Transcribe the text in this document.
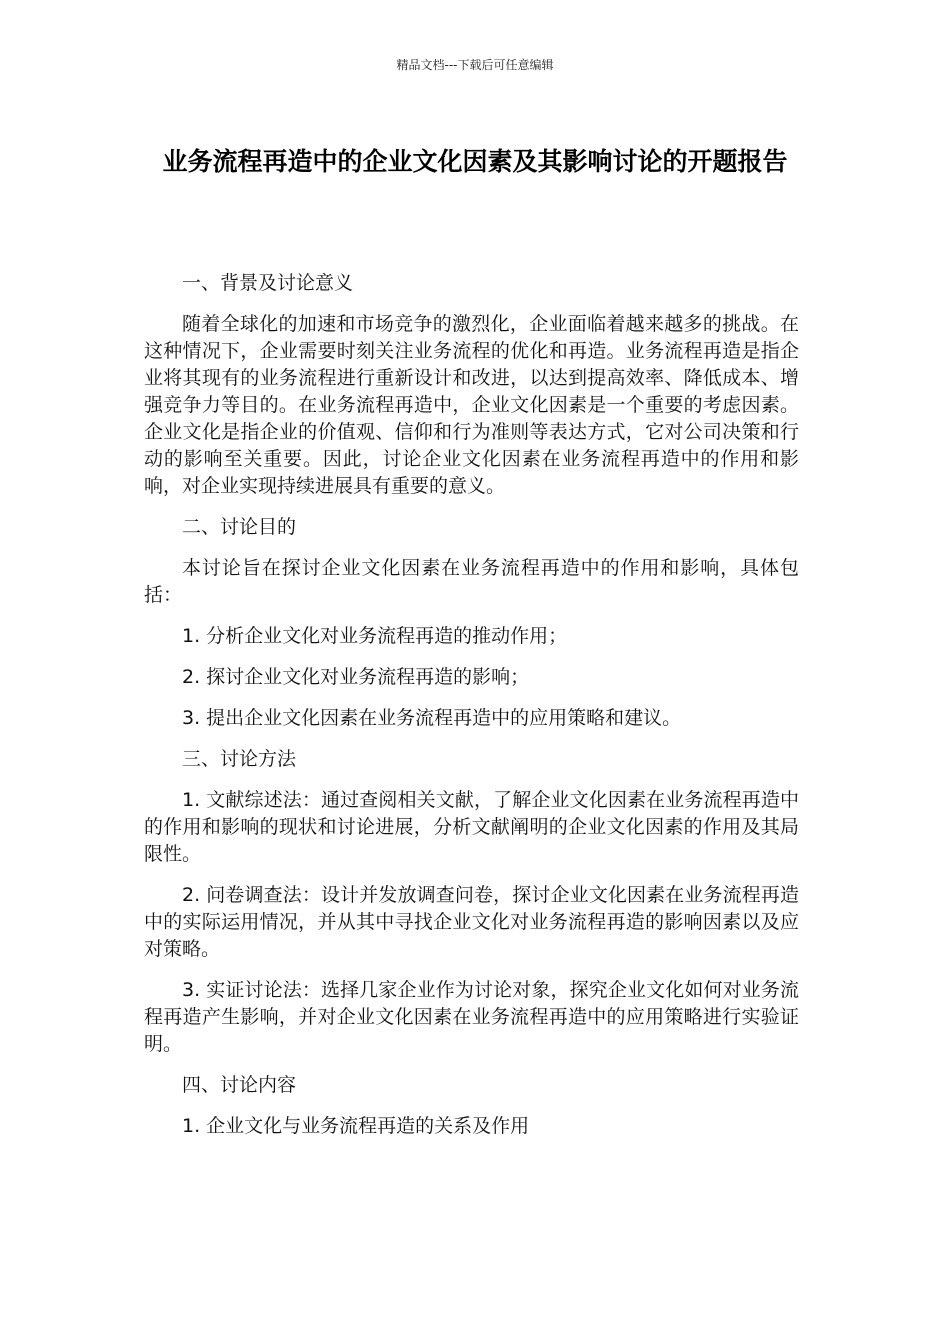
精品文档---下载后可任意编辑
业务流程再造中的企业文化因素及其影响讨论的开题报告

一、背景及讨论意义

随着全球化的加速和市场竞争的激烈化，企业面临着越来越多的挑战。在这种情况下，企业需要时刻关注业务流程的优化和再造。业务流程再造是指企业将其现有的业务流程进行重新设计和改进，以达到提高效率、降低成本、增强竞争力等目的。在业务流程再造中，企业文化因素是一个重要的考虑因素。企业文化是指企业的价值观、信仰和行为准则等表达方式，它对公司决策和行动的影响至关重要。因此，讨论企业文化因素在业务流程再造中的作用和影响，对企业实现持续进展具有重要的意义。

二、讨论目的

本讨论旨在探讨企业文化因素在业务流程再造中的作用和影响，具体包括：

1. 分析企业文化对业务流程再造的推动作用；

2. 探讨企业文化对业务流程再造的影响；

3. 提出企业文化因素在业务流程再造中的应用策略和建议。

三、讨论方法

1. 文献综述法：通过查阅相关文献，了解企业文化因素在业务流程再造中的作用和影响的现状和讨论进展，分析文献阐明的企业文化因素的作用及其局限性。

2. 问卷调查法：设计并发放调查问卷，探讨企业文化因素在业务流程再造中的实际运用情况，并从其中寻找企业文化对业务流程再造的影响因素以及应对策略。

3. 实证讨论法：选择几家企业作为讨论对象，探究企业文化如何对业务流程再造产生影响，并对企业文化因素在业务流程再造中的应用策略进行实验证明。

四、讨论内容

1. 企业文化与业务流程再造的关系及作用
